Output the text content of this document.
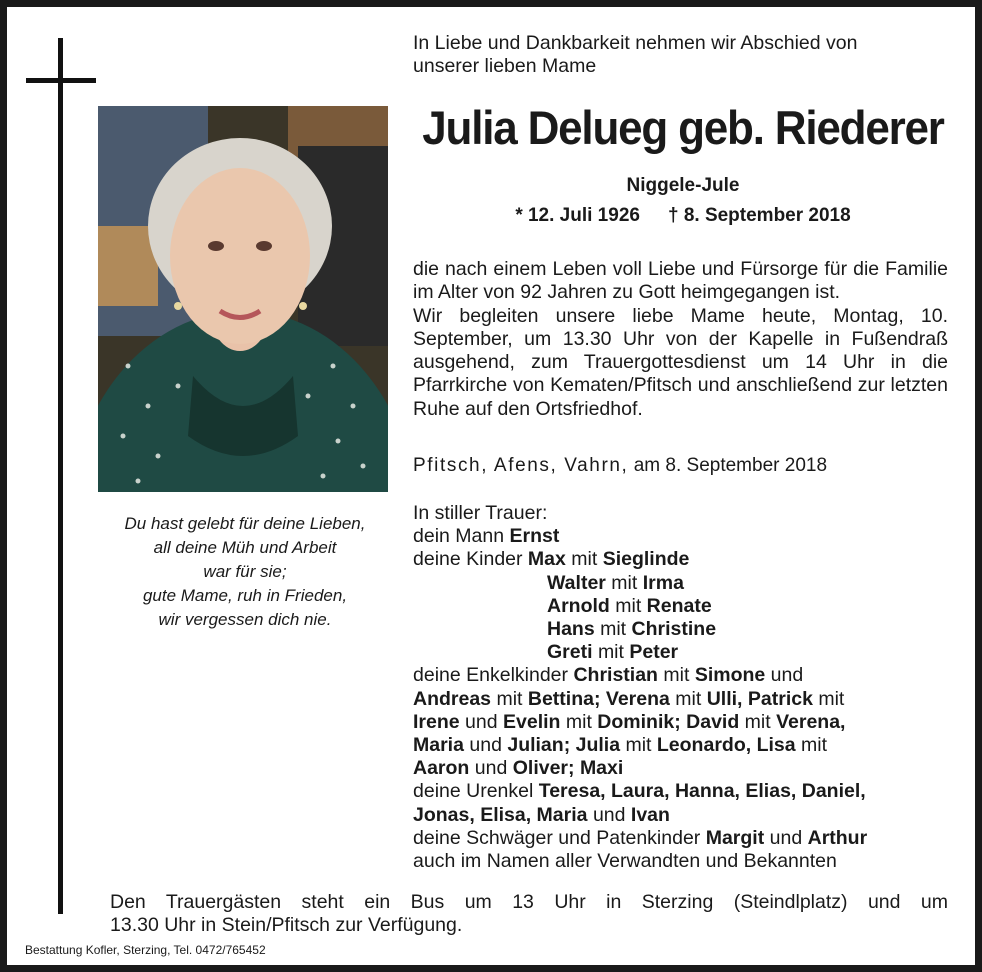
Du hast gelebt für deine Lieben,
all deine Müh und Arbeit
war für sie;
gute Mame, ruh in Frieden,
wir vergessen dich nie.
In Liebe und Dankbarkeit nehmen wir Abschied von
unserer lieben Mame
Julia Delueg geb. Riederer
Niggele-Jule
* 12. Juli 1926 † 8. September 2018

die nach einem Leben voll Liebe und Fürsorge für die Familie im Alter von 92 Jahren zu Gott heimgegangen ist.

Wir begleiten unsere liebe Mame heute, Montag, 10. September, um 13.30 Uhr von der Kapelle in Fußendraß ausgehend, zum Trauergottesdienst um 14 Uhr in die Pfarrkirche von Kematen/Pfitsch und anschließend zur letzten Ruhe auf den Ortsfriedhof.

Pfitsch, Afens, Vahrn, am 8. September 2018
In stiller Trauer:
dein Mann Ernst
deine Kinder Max mit Sieglinde
Walter mit Irma
Arnold mit Renate
Hans mit Christine
Greti mit Peter
deine Enkelkinder Christian mit Simone und
Andreas mit Bettina; Verena mit Ulli, Patrick mit
Irene und Evelin mit Dominik; David mit Verena,
Maria und Julian; Julia mit Leonardo, Lisa mit
Aaron und Oliver; Maxi
deine Urenkel Teresa, Laura, Hanna, Elias, Daniel,
Jonas, Elisa, Maria und Ivan
deine Schwäger und Patenkinder Margit und Arthur
auch im Namen aller Verwandten und Bekannten
Den Trauergästen steht ein Bus um 13 Uhr in Sterzing (Steindlplatz) und um
13.30 Uhr in Stein/Pfitsch zur Verfügung.
Bestattung Kofler, Sterzing, Tel. 0472/765452
